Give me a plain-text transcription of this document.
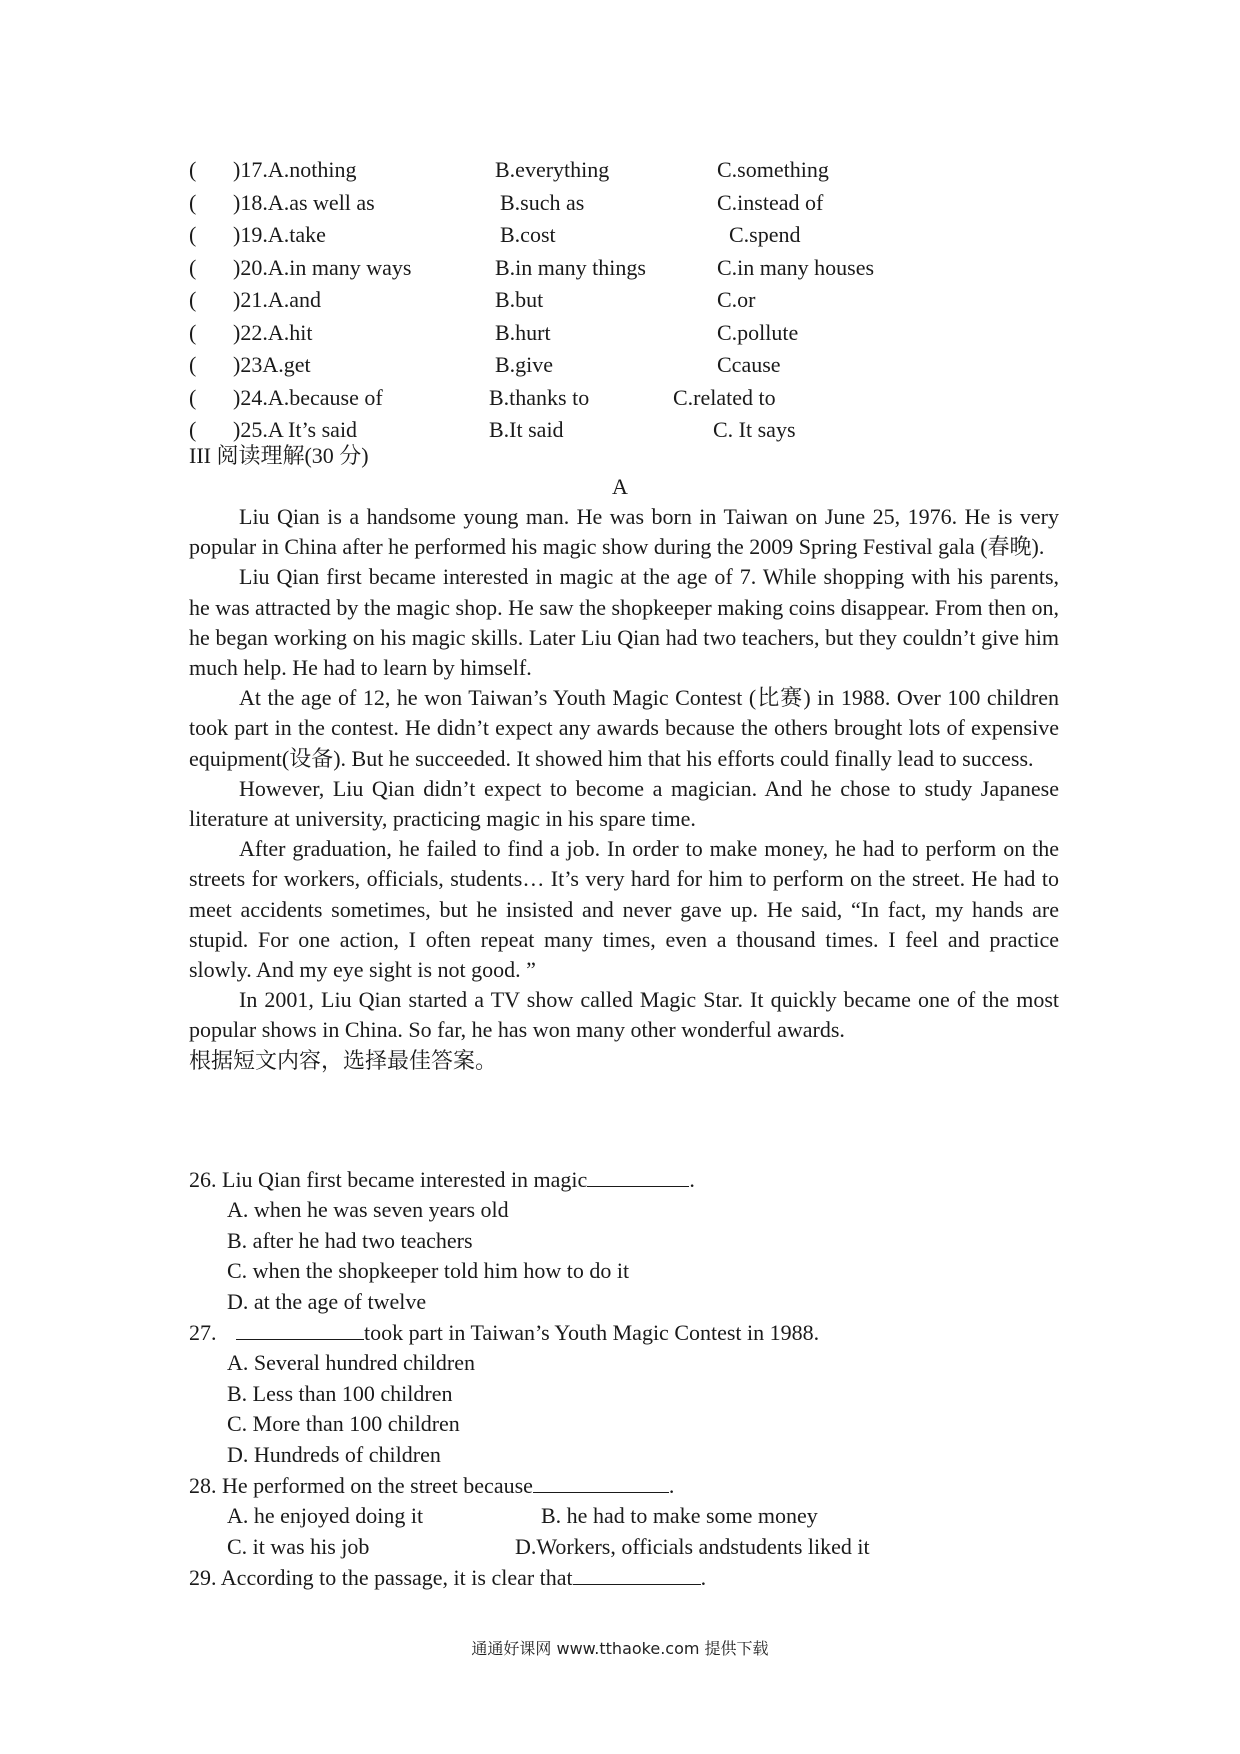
( )17.A.nothing	B.everything	C.something
( )18.A.as well as	B.such as	C.instead of
( )19.A.take	B.cost	C.spend
( )20.A.in many ways	B.in many things	C.in many houses
( )21.A.and	B.but	C.or
( )22.A.hit	B.hurt	C.pollute
( )23A.get	B.give	Ccause
( )24.A.because of	B.thanks to	C.related to
( )25.A It’s said	B.It said	C. It says
III 阅读理解(30 分)
A

Liu Qian is a handsome young man. He was born in Taiwan on June 25, 1976. He is very popular in China after he performed his magic show during the 2009 Spring Festival gala (春晚).

Liu Qian first became interested in magic at the age of 7. While shopping with his parents, he was attracted by the magic shop. He saw the shopkeeper making coins disappear. From then on, he began working on his magic skills. Later Liu Qian had two teachers, but they couldn’t give him much help. He had to learn by himself.

At the age of 12, he won Taiwan’s Youth Magic Contest (比赛) in 1988. Over 100 children took part in the contest. He didn’t expect any awards because the others brought lots of expensive equipment(设备). But he succeeded. It showed him that his efforts could finally lead to success.

However, Liu Qian didn’t expect to become a magician. And he chose to study Japanese literature at university, practicing magic in his spare time.

After graduation, he failed to find a job. In order to make money, he had to perform on the streets for workers, officials, students… It’s very hard for him to perform on the street. He had to meet accidents sometimes, but he insisted and never gave up. He said, “In fact, my hands are stupid. For one action, I often repeat many times, even a thousand times. I feel and practice slowly. And my eye sight is not good. ”

In 2001, Liu Qian started a TV show called Magic Star. It quickly became one of the most popular shows in China. So far, he has won many other wonderful awards.

根据短文内容，选择最佳答案。
26. Liu Qian first became interested in magic	.
A. when he was seven years old
B. after he had two teachers
C. when the shopkeeper told him how to do it
D. at the age of twelve
27.	took part in Taiwan’s Youth Magic Contest in 1988.
A. Several hundred children
B. Less than 100 children
C. More than 100 children
D. Hundreds of children
28. He performed on the street because	.
A. he enjoyed doing it	B. he had to make some money
C. it was his job	D.Workers, officials andstudents liked it
29. According to the passage, it is clear that	.
通通好课网 www.tthaoke.com 提供下载
